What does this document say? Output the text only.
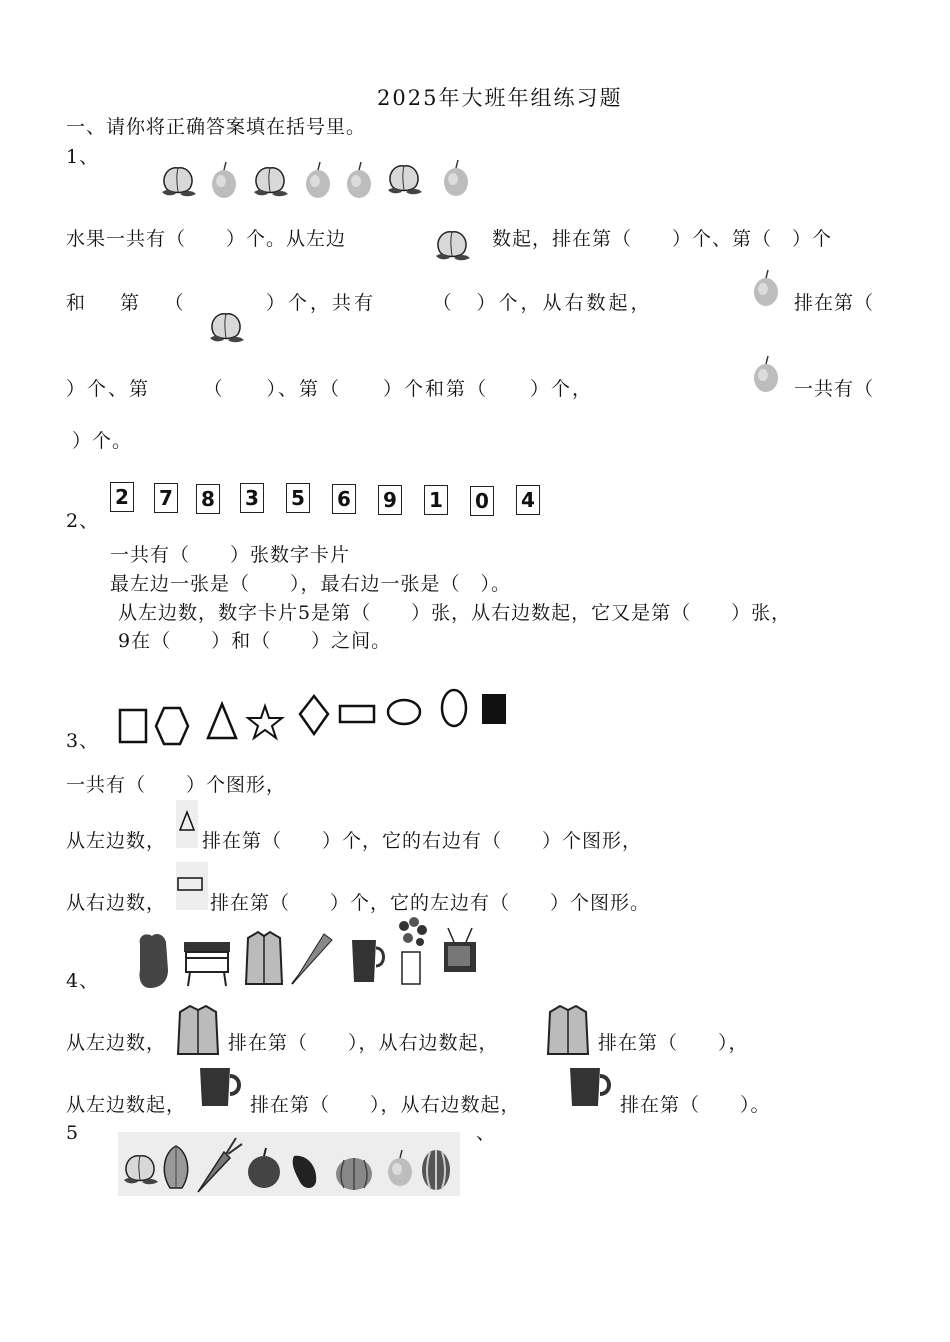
2025年大班年组练习题
一、请你将正确答案填在括号里。
1、
水果一共有（　　）个。从左边	数起，排在第（　　）个、第（　）个
和　第　（	）个，共有　　　（　）个，从右数起，	排在第（
）个、第　　　（　　）、第（　　）个和第（　　）个，	一共有（
）个。
2、
2 7 8 3 5 6 9 1 0 4
一共有（　　）张数字卡片
最左边一张是（　　），最右边一张是（　）。
从左边数，数字卡片5是第（　　）张，从右边数起，它又是第（　　）张，
9在（　　）和（　　）之间。
3、
一共有（　　）个图形，
从左边数， 排在第（　　）个，它的右边有（　　）个图形，
从右边数， 排在第（　　）个，它的左边有（　　）个图形。
4、
从左边数，	排在第（　　），从右边数起，	排在第（　　），
从左边数起，	排在第（　　），从右边数起，	排在第（　　）。
5	、
